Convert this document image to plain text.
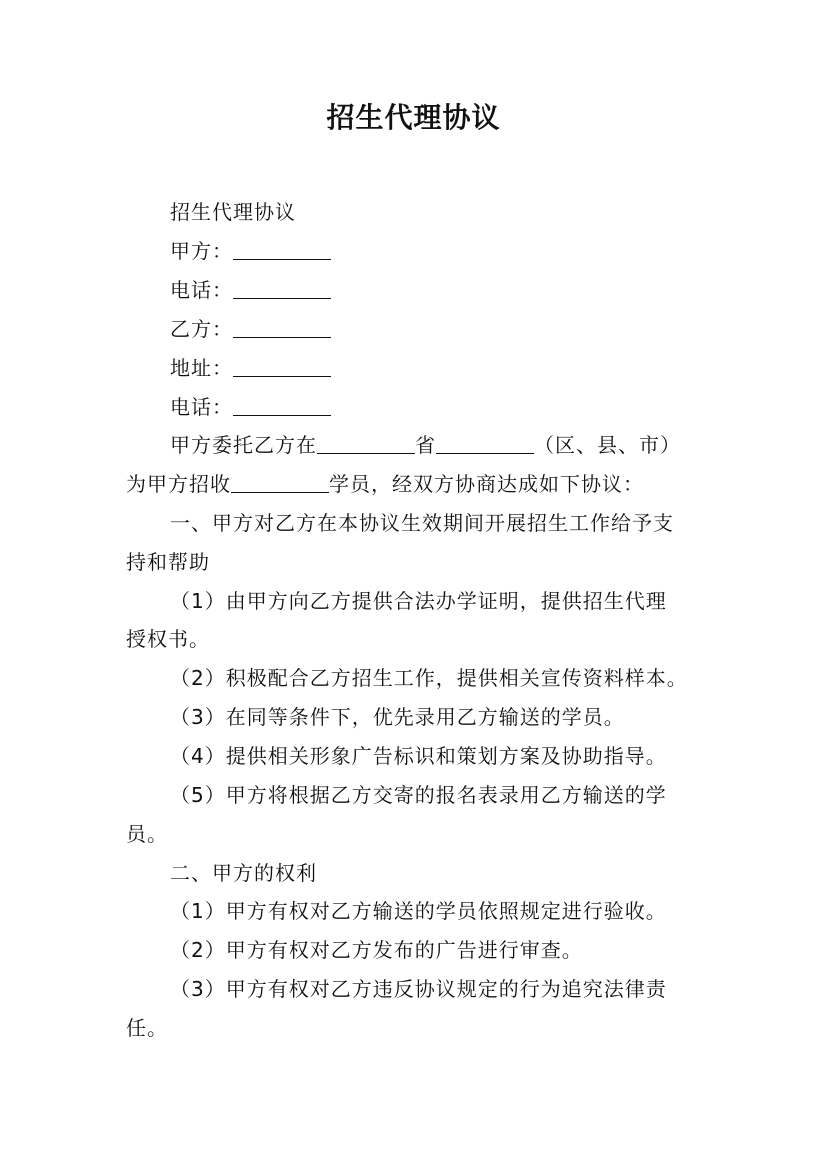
招生代理协议
招生代理协议
甲方：
电话：
乙方：
地址：
电话：
甲方委托乙方在	省	（区、县、市）
为甲方招收	学员，经双方协商达成如下协议：
一、甲方对乙方在本协议生效期间开展招生工作给予支
持和帮助
（1）由甲方向乙方提供合法办学证明，提供招生代理
授权书。
（2）积极配合乙方招生工作，提供相关宣传资料样本。
（3）在同等条件下，优先录用乙方输送的学员。
（4）提供相关形象广告标识和策划方案及协助指导。
（5）甲方将根据乙方交寄的报名表录用乙方输送的学
员。
二、甲方的权利
（1）甲方有权对乙方输送的学员依照规定进行验收。
（2）甲方有权对乙方发布的广告进行审查。
（3）甲方有权对乙方违反协议规定的行为追究法律责
任。
